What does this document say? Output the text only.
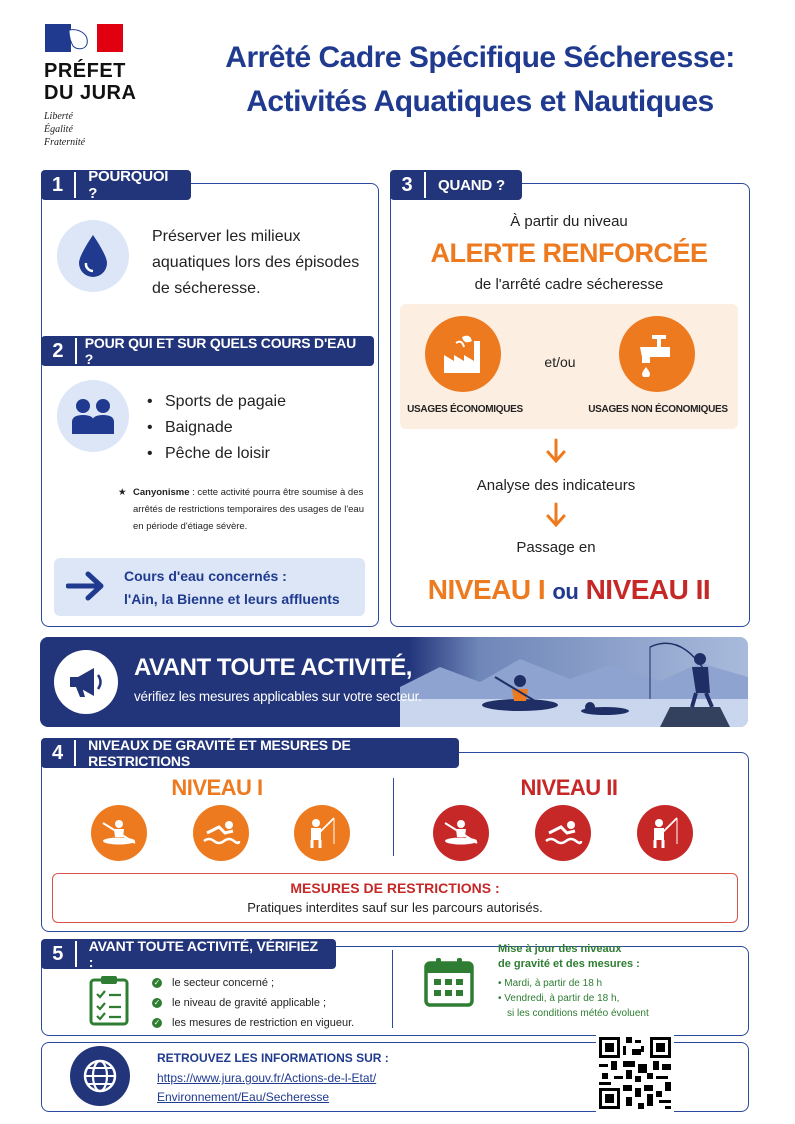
PRÉFET
DU JURA
Liberté
Égalité
Fraternité
Arrêté Cadre Spécifique Sécheresse:
Activités Aquatiques et Nautiques
1	POURQUOI ?
Préserver les milieux aquatiques lors des épisodes de sécheresse.
2	POUR QUI ET SUR QUELS COURS D'EAU ?
• Sports de pagaie
• Baignade
• Pêche de loisir
★ Canyonisme : cette activité pourra être soumise à des arrêtés de restrictions temporaires des usages de l'eau en période d'étiage sévère.
Cours d'eau concernés :
l'Ain, la Bienne et leurs affluents
3	QUAND ?
À partir du niveau
ALERTE RENFORCÉE
de l'arrêté cadre sécheresse
USAGES ÉCONOMIQUES
et/ou
USAGES NON ÉCONOMIQUES
Analyse des indicateurs
Passage en
NIVEAU I ou NIVEAU II
AVANT TOUTE ACTIVITÉ,
vérifiez les mesures applicables sur votre secteur.
4	NIVEAUX DE GRAVITÉ ET MESURES DE RESTRICTIONS
NIVEAU I	NIVEAU II
MESURES DE RESTRICTIONS :
Pratiques interdites sauf sur les parcours autorisés.
5	AVANT TOUTE ACTIVITÉ, VÉRIFIEZ :
✓ le secteur concerné ;
✓ le niveau de gravité applicable ;
✓ les mesures de restriction en vigueur.
Mise à jour des niveaux
de gravité et des mesures :
• Mardi, à partir de 18 h
• Vendredi, à partir de 18 h,
si les conditions météo évoluent
RETROUVEZ LES INFORMATIONS SUR :
https://www.jura.gouv.fr/Actions-de-l-Etat/
Environnement/Eau/Secheresse
